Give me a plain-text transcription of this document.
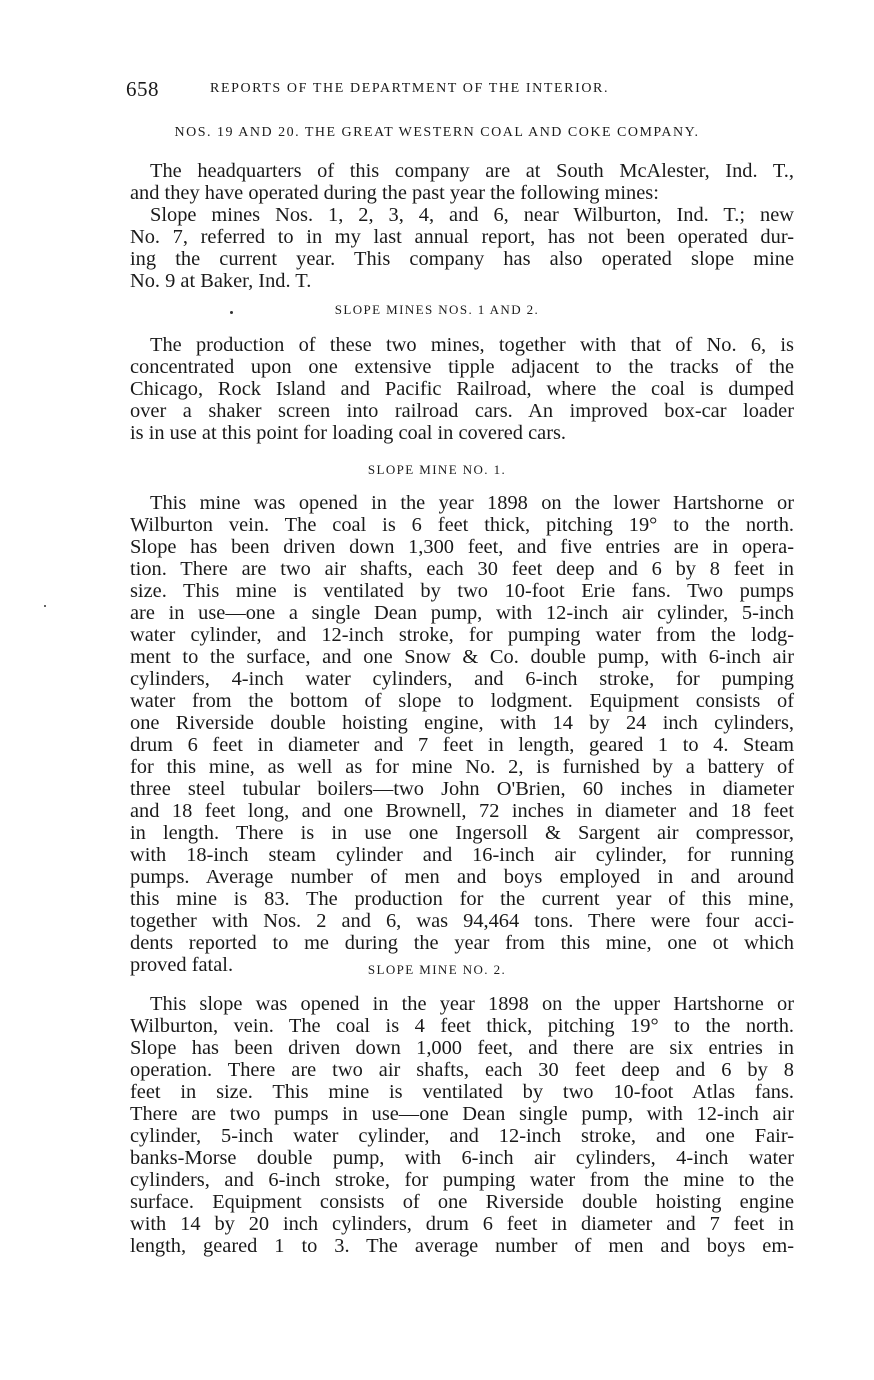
658	REPORTS OF THE DEPARTMENT OF THE INTERIOR.
NOS. 19 AND 20. THE GREAT WESTERN COAL AND COKE COMPANY.
The headquarters of this company are at South McAlester, Ind. T.,
and they have operated during the past year the following mines:
Slope mines Nos. 1, 2, 3, 4, and 6, near Wilburton, Ind. T.; new
No. 7, referred to in my last annual report, has not been operated dur-
ing the current year. This company has also operated slope mine
No. 9 at Baker, Ind. T.
SLOPE MINES NOS. 1 AND 2.
The production of these two mines, together with that of No. 6, is
concentrated upon one extensive tipple adjacent to the tracks of the
Chicago, Rock Island and Pacific Railroad, where the coal is dumped
over a shaker screen into railroad cars. An improved box-car loader
is in use at this point for loading coal in covered cars.
SLOPE MINE NO. 1.
This mine was opened in the year 1898 on the lower Hartshorne or
Wilburton vein. The coal is 6 feet thick, pitching 19° to the north.
Slope has been driven down 1,300 feet, and five entries are in opera-
tion. There are two air shafts, each 30 feet deep and 6 by 8 feet in
size. This mine is ventilated by two 10-foot Erie fans. Two pumps
are in use—one a single Dean pump, with 12-inch air cylinder, 5-inch
water cylinder, and 12-inch stroke, for pumping water from the lodg-
ment to the surface, and one Snow & Co. double pump, with 6-inch air
cylinders, 4-inch water cylinders, and 6-inch stroke, for pumping
water from the bottom of slope to lodgment. Equipment consists of
one Riverside double hoisting engine, with 14 by 24 inch cylinders,
drum 6 feet in diameter and 7 feet in length, geared 1 to 4. Steam
for this mine, as well as for mine No. 2, is furnished by a battery of
three steel tubular boilers—two John O'Brien, 60 inches in diameter
and 18 feet long, and one Brownell, 72 inches in diameter and 18 feet
in length. There is in use one Ingersoll & Sargent air compressor,
with 18-inch steam cylinder and 16-inch air cylinder, for running
pumps. Average number of men and boys employed in and around
this mine is 83. The production for the current year of this mine,
together with Nos. 2 and 6, was 94,464 tons. There were four acci-
dents reported to me during the year from this mine, one ot which
proved fatal.	SLOPE MINE NO. 2.
This slope was opened in the year 1898 on the upper Hartshorne or
Wilburton, vein. The coal is 4 feet thick, pitching 19° to the north.
Slope has been driven down 1,000 feet, and there are six entries in
operation. There are two air shafts, each 30 feet deep and 6 by 8
feet in size. This mine is ventilated by two 10-foot Atlas fans.
There are two pumps in use—one Dean single pump, with 12-inch air
cylinder, 5-inch water cylinder, and 12-inch stroke, and one Fair-
banks-Morse double pump, with 6-inch air cylinders, 4-inch water
cylinders, and 6-inch stroke, for pumping water from the mine to the
surface. Equipment consists of one Riverside double hoisting engine
with 14 by 20 inch cylinders, drum 6 feet in diameter and 7 feet in
length, geared 1 to 3. The average number of men and boys em-
